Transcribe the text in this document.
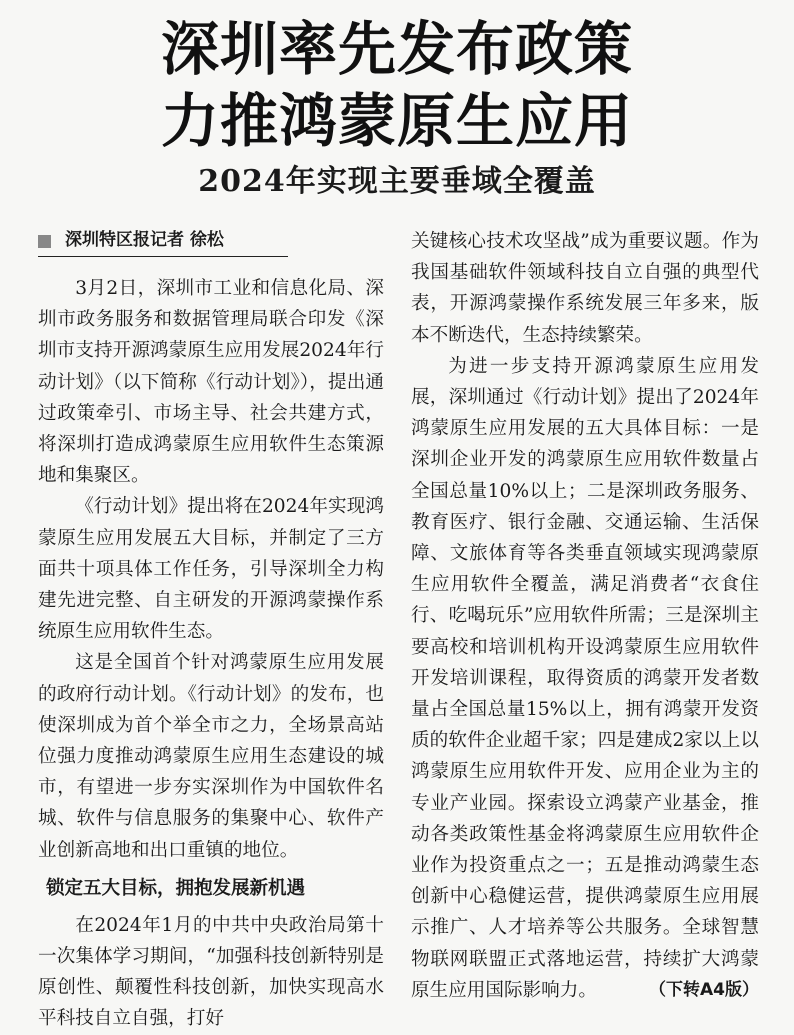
深圳率先发布政策
力推鸿蒙原生应用
2024年实现主要垂域全覆盖
深圳特区报记者 徐松

3月2日，深圳市工业和信息化局、深圳市政务服务和数据管理局联合印发《深圳市支持开源鸿蒙原生应用发展2024年行动计划》（以下简称《行动计划》），提出通过政策牵引、市场主导、社会共建方式，将深圳打造成鸿蒙原生应用软件生态策源地和集聚区。

《行动计划》提出将在2024年实现鸿蒙原生应用发展五大目标，并制定了三方面共十项具体工作任务，引导深圳全力构建先进完整、自主研发的开源鸿蒙操作系统原生应用软件生态。

这是全国首个针对鸿蒙原生应用发展的政府行动计划。《行动计划》的发布，也使深圳成为首个举全市之力，全场景高站位强力度推动鸿蒙原生应用生态建设的城市，有望进一步夯实深圳作为中国软件名城、软件与信息服务的集聚中心、软件产业创新高地和出口重镇的地位。

锁定五大目标，拥抱发展新机遇

在2024年1月的中共中央政治局第十一次集体学习期间，“加强科技创新特别是原创性、颠覆性科技创新，加快实现高水平科技自立自强，打好

关键核心技术攻坚战”成为重要议题。作为我国基础软件领域科技自立自强的典型代表，开源鸿蒙操作系统发展三年多来，版本不断迭代，生态持续繁荣。

为进一步支持开源鸿蒙原生应用发展，深圳通过《行动计划》提出了2024年鸿蒙原生应用发展的五大具体目标：一是深圳企业开发的鸿蒙原生应用软件数量占全国总量10%以上；二是深圳政务服务、教育医疗、银行金融、交通运输、生活保障、文旅体育等各类垂直领域实现鸿蒙原生应用软件全覆盖，满足消费者“衣食住行、吃喝玩乐”应用软件所需；三是深圳主要高校和培训机构开设鸿蒙原生应用软件开发培训课程，取得资质的鸿蒙开发者数量占全国总量15%以上，拥有鸿蒙开发资质的软件企业超千家；四是建成2家以上以鸿蒙原生应用软件开发、应用企业为主的专业产业园。探索设立鸿蒙产业基金，推动各类政策性基金将鸿蒙原生应用软件企业作为投资重点之一；五是推动鸿蒙生态创新中心稳健运营，提供鸿蒙原生应用展示推广、人才培养等公共服务。全球智慧物联网联盟正式落地运营，持续扩大鸿蒙原生应用国际影响力。	（下转A4版）
